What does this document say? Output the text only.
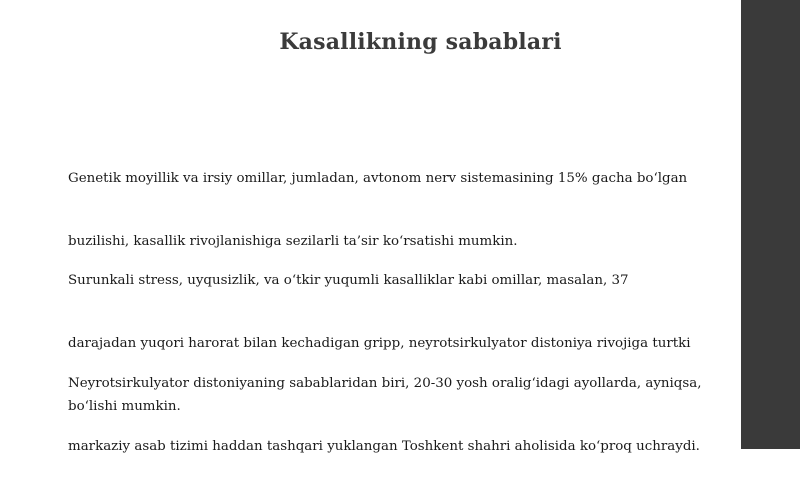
Kasallikning sabablari

Genetik moyillik va irsiy omillar, jumladan, avtonom nerv sistemasining 15% gacha bo‘lgan

buzilishi, kasallik rivojlanishiga sezilarli ta’sir ko‘rsatishi mumkin.

Surunkali stress, uyqusizlik, va o‘tkir yuqumli kasalliklar kabi omillar, masalan, 37

darajadan yuqori harorat bilan kechadigan gripp, neyrotsirkulyator distoniya rivojiga turtki

bo‘lishi mumkin.

Neyrotsirkulyator distoniyaning sabablaridan biri, 20-30 yosh oralig‘idagi ayollarda, ayniqsa,

markaziy asab tizimi haddan tashqari yuklangan Toshkent shahri aholisida ko‘proq uchraydi.
